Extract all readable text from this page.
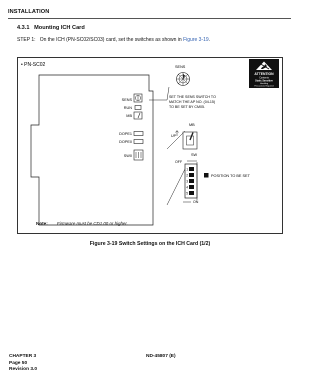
INSTALLATION
4.3.1 Mounting ICH Card
STEP 1: On the ICH (PN-SC02/SC03) card, set the switches as shown in Figure 3-19.
• PN-SC02
SENS
RUN
MB
DOPE1
DOPE0
SW0
SENS
SET THE SENS SWITCH TO
MATCH THE AP NO. (04-15)
TO BE SET BY CM05.
MB
UP
SW
OFF
ON
1
2
3
4
5
POSITION TO BE SET
ATTENTION
Contents
Static Sensitive
Handling
Precautions Required
Note: Firmware must be CD1.00 or higher.
Figure 3-19 Switch Settings on the ICH Card (1/2)
CHAPTER 3
Page 50
Revision 3.0
ND-45807 (E)
